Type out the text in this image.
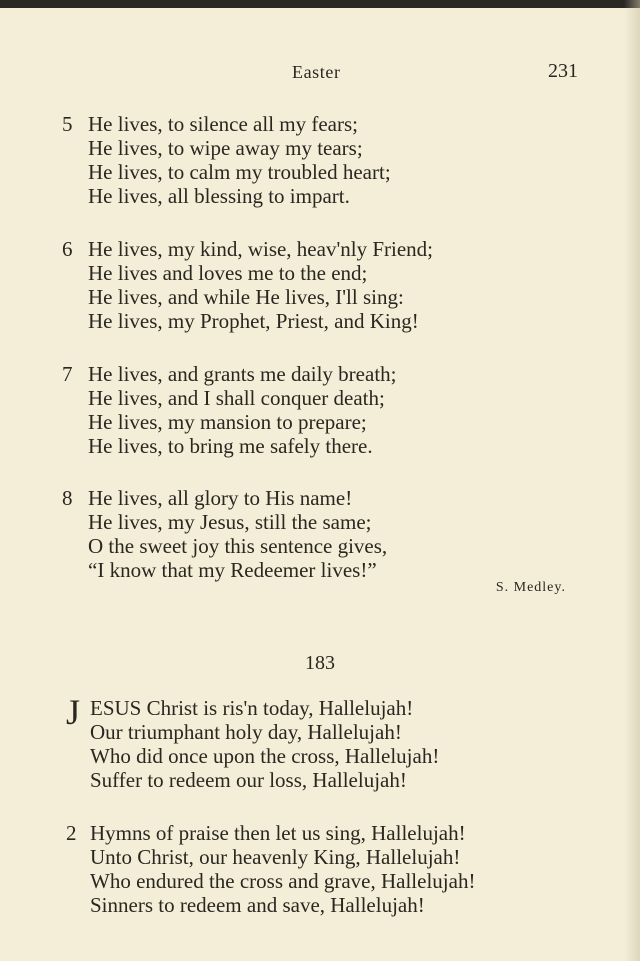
Easter	231
5 He lives, to silence all my fears;
He lives, to wipe away my tears;
He lives, to calm my troubled heart;
He lives, all blessing to impart.
6 He lives, my kind, wise, heav'nly Friend;
He lives and loves me to the end;
He lives, and while He lives, I'll sing:
He lives, my Prophet, Priest, and King!
7 He lives, and grants me daily breath;
He lives, and I shall conquer death;
He lives, my mansion to prepare;
He lives, to bring me safely there.
8 He lives, all glory to His name!
He lives, my Jesus, still the same;
O the sweet joy this sentence gives,
“I know that my Redeemer lives!”
S. Medley.
183
J ESUS Christ is ris'n today, Hallelujah!
Our triumphant holy day, Hallelujah!
Who did once upon the cross, Hallelujah!
Suffer to redeem our loss, Hallelujah!
2 Hymns of praise then let us sing, Hallelujah!
Unto Christ, our heavenly King, Hallelujah!
Who endured the cross and grave, Hallelujah!
Sinners to redeem and save, Hallelujah!
